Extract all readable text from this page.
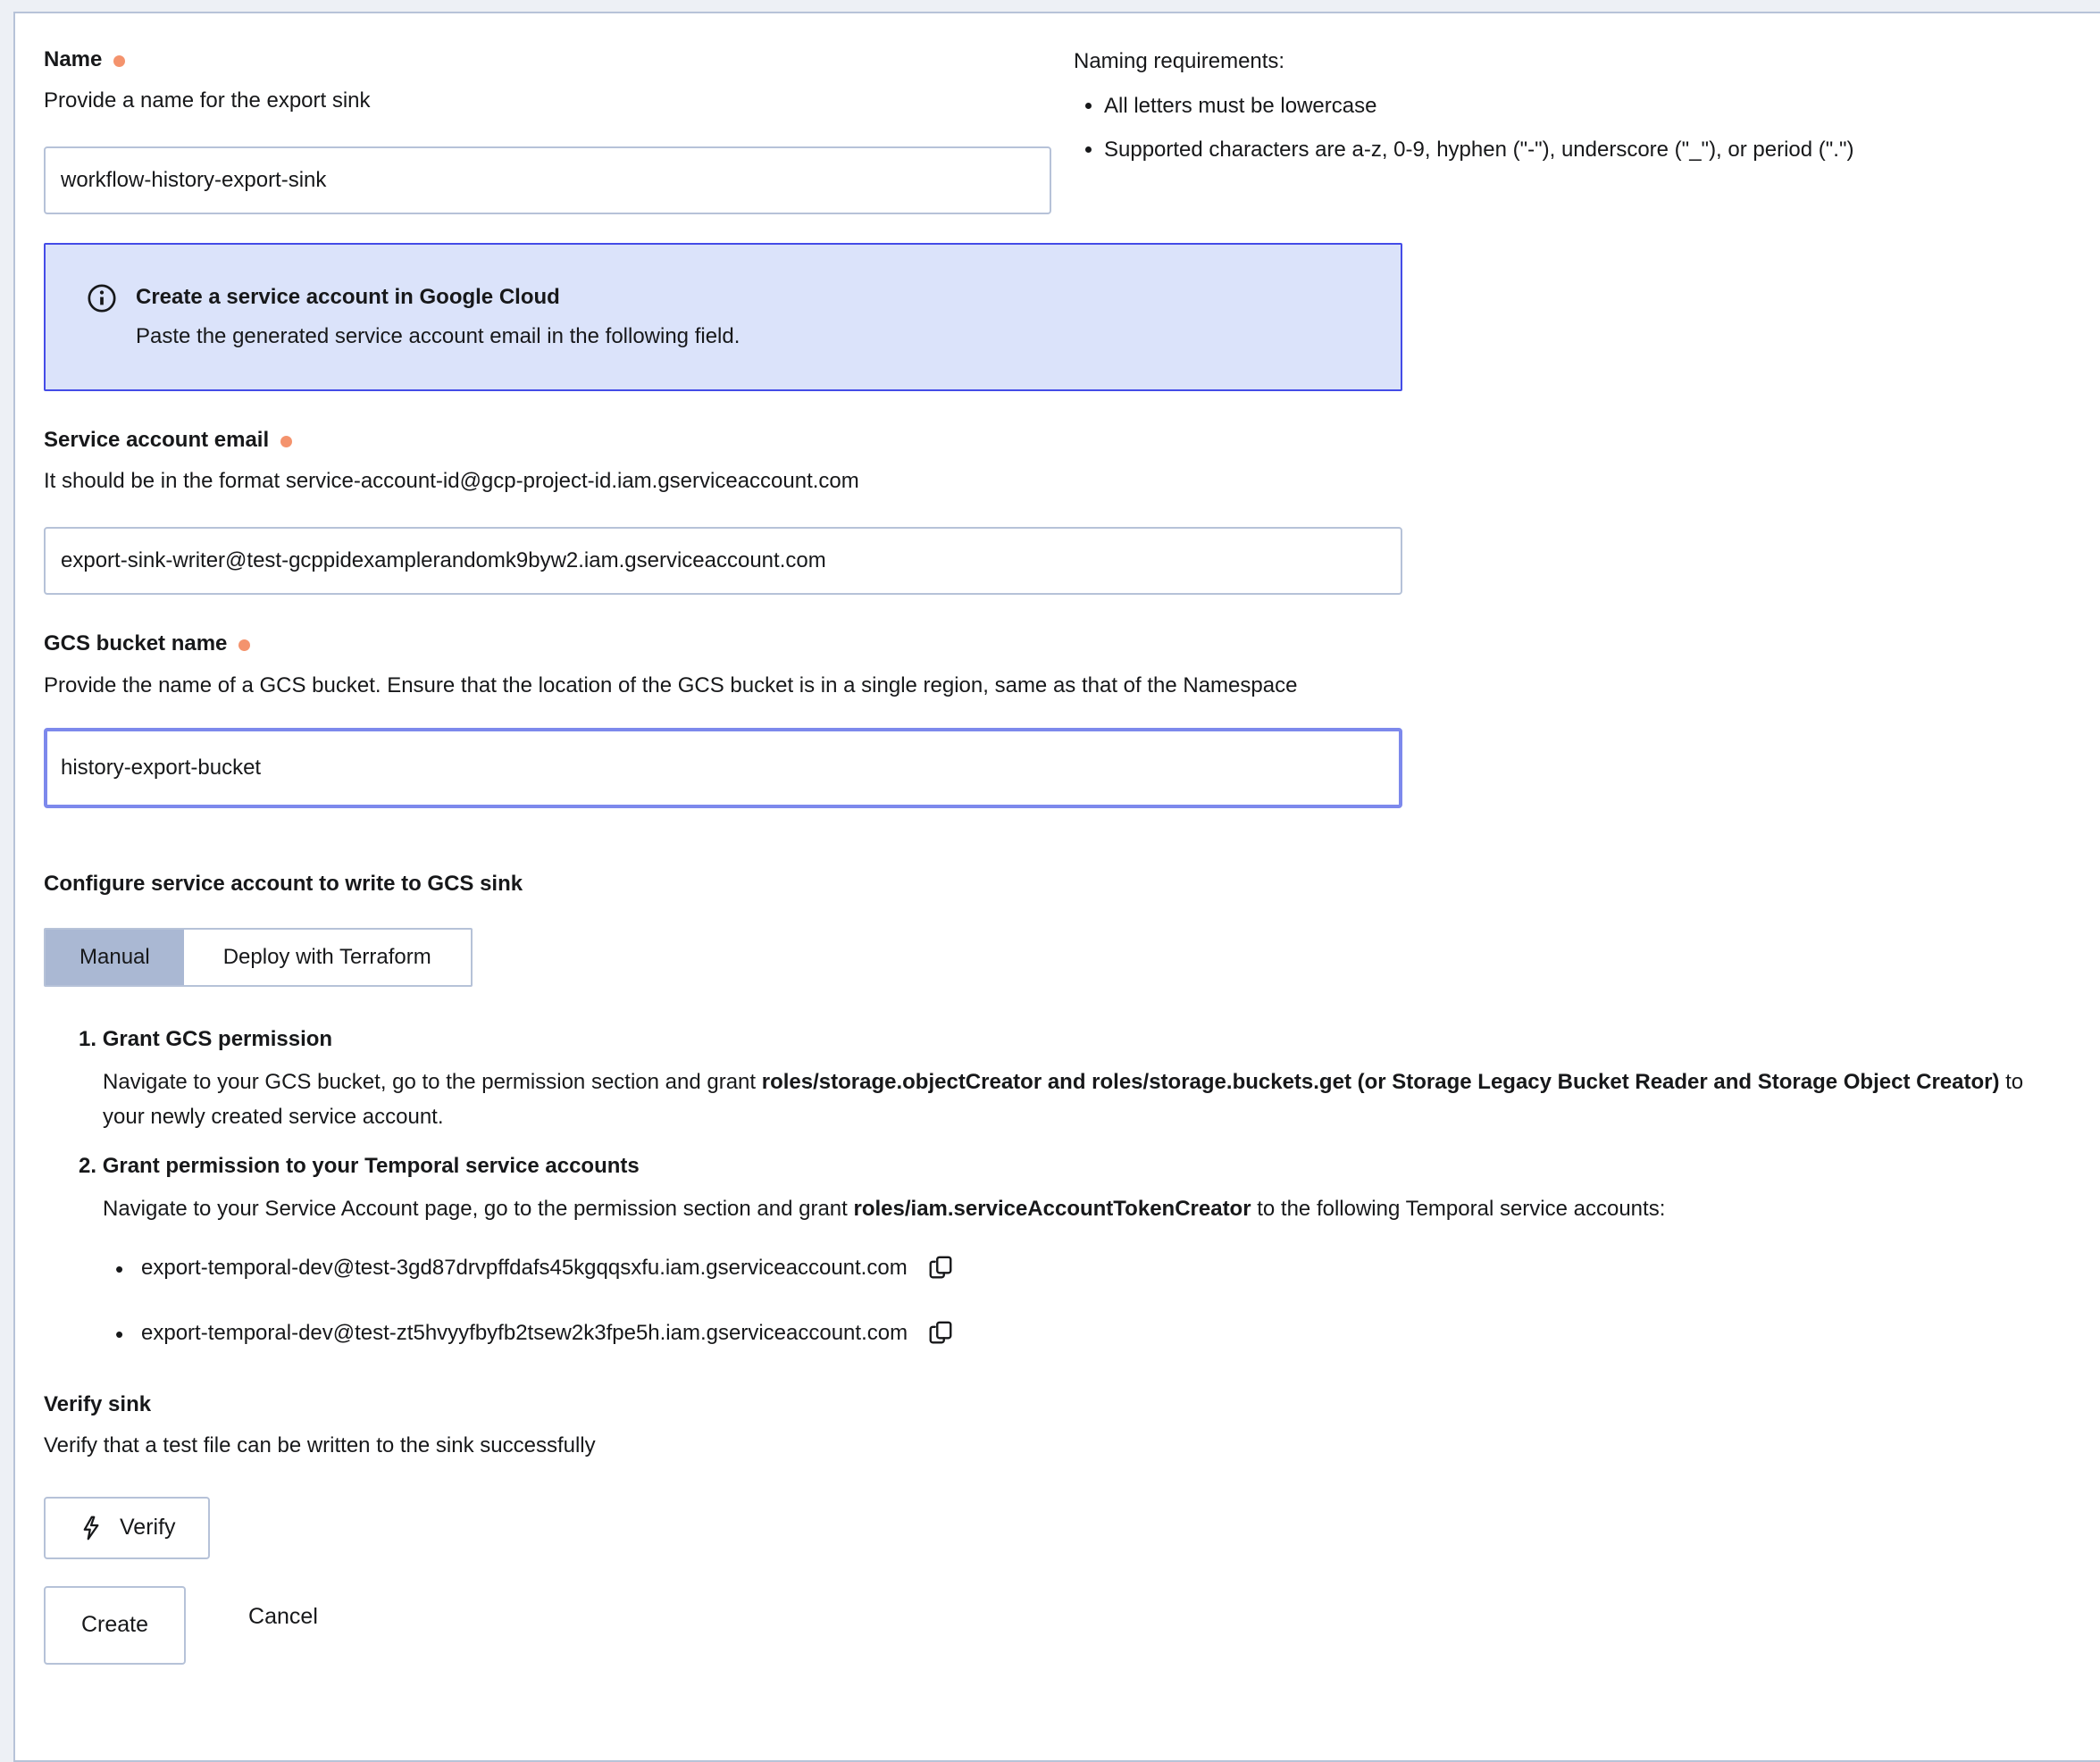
Name

Provide a name for the export sink

workflow-history-export-sink

Naming requirements:

• All letters must be lowercase
• Supported characters are a-z, 0-9, hyphen ("-"), underscore ("_"), or period (".")

Create a service account in Google Cloud

Paste the generated service account email in the following field.

Service account email

It should be in the format service-account-id@gcp-project-id.iam.gserviceaccount.com

export-sink-writer@test-gcppidexamplerandomk9byw2.iam.gserviceaccount.com
GCS bucket name

Provide the name of a GCS bucket. Ensure that the location of the GCS bucket is in a single region, same as that of the Namespace

history-export-bucket
Configure service account to write to GCS sink
Manual	Deploy with Terraform
1. Grant GCS permission

Navigate to your GCS bucket, go to the permission section and grant roles/storage.objectCreator and roles/storage.buckets.get (or Storage Legacy Bucket Reader and Storage Object Creator) to your newly created service account.

2. Grant permission to your Temporal service accounts

Navigate to your Service Account page, go to the permission section and grant roles/iam.serviceAccountTokenCreator to the following Temporal service accounts:

• export-temporal-dev@test-3gd87drvpffdafs45kgqqsxfu.iam.gserviceaccount.com
• export-temporal-dev@test-zt5hvyyfbyfb2tsew2k3fpe5h.iam.gserviceaccount.com

Verify sink

Verify that a test file can be written to the sink successfully

Verify
Create	Cancel
